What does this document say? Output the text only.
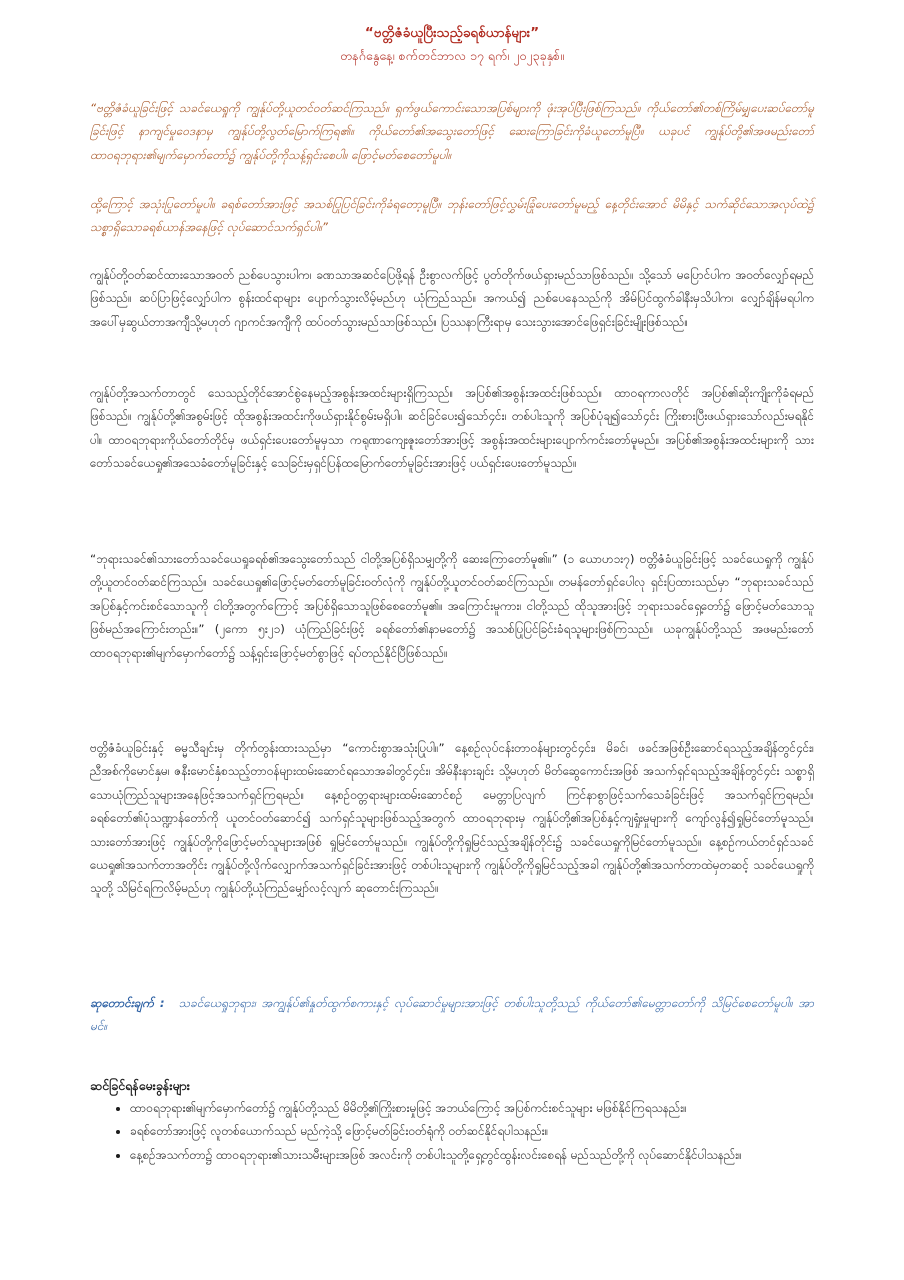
“ဗတ္တိဇံခံယူပြီးသည့်ခရစ်ယာန်များ”
တနင်္ဂနွေနေ့၊ စက်တင်ဘာလ ၁၇ ရက်၊ ၂၀၂၃ခုနှစ်။

“ဗတ္တိဇံခံယူခြင်းဖြင့် သခင်ယေရှုကို ကျွန်ုပ်တို့ယူတင်ဝတ်ဆင်ကြသည်။ ရှက်ဖွယ်ကောင်းသောအပြစ်များကို ဖုံးအုပ်ပြီးဖြစ်ကြသည်။ ကိုယ်တော်၏တစ်ကြိမ်မျှပေးဆပ်တော်မူခြင်းဖြင့် နာကျင်မှုဝေဒနာမှ ကျွန်ုပ်တို့လွတ်မြောက်ကြရ၏။ ကိုယ်တော်၏အသွေးတော်ဖြင့် ဆေးကြောခြင်းကိုခံယူတော်မူပြီ။ ယခုပင် ကျွန်ုပ်တို့၏အဖမည်းတော်ထာဝရဘုရား၏မျက်မှောက်တော်၌ ကျွန်ုပ်တို့ကိုသန့်ရှင်းစေပါ။ ဖြောင့်မတ်စေတော်မူပါ။

ထို့ကြောင့် အသုံးပြုတော်မူပါ။ ခရစ်တော်အားဖြင့် အသစ်ပြုပြင်ခြင်းကိုခံရတော့မူပြီ။ ဘုန်းတော်ဖြင့်လွှမ်းခြုံပေးတော်မူမည့် နေ့တိုင်းအောင် မိမိနှင့် သက်ဆိုင်သောအလုပ်ထဲ၌ သစ္စာရှိသောခရစ်ယာန်အနေဖြင့် လုပ်ဆောင်သက်ရှင်ပါ။”

ကျွန်ုပ်တို့ဝတ်ဆင်ထားသောအဝတ် ညစ်ပေသွားပါက၊ ခဏသာအဆင်ပြေဖို့ရန် ဦးစွာလက်ဖြင့် ပွတ်တိုက်ဖယ်ရှားမည်သာဖြစ်သည်။ သို့သော် မပြောင်ပါက အဝတ်လျှော်ရမည်ဖြစ်သည်။ ဆပ်ပြာဖြင့်လျှော်ပါက စွန်းထင်ရာများ ပျောက်သွားလိမ့်မည်ဟု ယုံကြည်သည်။ အကယ်၍ ညစ်ပေနေသည်ကို အိမ်ပြင်ထွက်ခါနီးမှသိပါက၊ လျှော်ချိန်မရပါက အပေါ်မှဆွယ်တာအကျီသို့မဟုတ် ဂျာကင်အကျီကို ထပ်ဝတ်သွားမည်သာဖြစ်သည်။ ပြဿနာကြီးရာမှ သေးသွားအောင်ဖြေရှင်းခြင်းမျိုးဖြစ်သည်။

ကျွန်ုပ်တို့အသက်တာတွင် သေသည့်တိုင်အောင်စွဲနေမည့်အစွန်းအထင်းများရှိကြသည်။ အပြစ်၏အစွန်းအထင်းဖြစ်သည်။ ထာဝရကာလတိုင် အပြစ်၏ဆိုးကျိုးကိုခံရမည်ဖြစ်သည်။ ကျွန်ုပ်တို့၏အစွမ်းဖြင့် ထိုအစွန်းအထင်းကိုဖယ်ရှားနိုင်စွမ်းမရှိပါ။ ဆင်ခြင်ပေး၍သော်၄င်း၊ တစ်ပါးသူကို အပြစ်ပုံချ၍သော်၄င်း ကြိုးစားပြီးဖယ်ရှားသော်လည်းမရနိုင်ပါ။ ထာဝရဘုရားကိုယ်တော်တိုင်မှ ဖယ်ရှင်းပေးတော်မူမှသာ ကရုဏာကျေးဇူးတော်အားဖြင့် အစွန်းအထင်းများပျောက်ကင်းတော်မူမည်။ အပြစ်၏အစွန်းအထင်းများကို သားတော်သခင်ယေရှု၏အသေခံတော်မူခြင်းနှင့် သေခြင်းမှရှင်ပြန်ထမြောက်တော်မူခြင်းအားဖြင့် ပယ်ရှင်းပေးတော်မူသည်။

“ဘုရားသခင်၏သားတော်သခင်ယေရှုခရစ်၏အသွေးတော်သည် ငါတို့အပြစ်ရှိသမျှတို့ကို ဆေးကြောတော်မူ၏။” (၁ ယောဟ၁း၇) ဗတ္တိဇံခံယူခြင်းဖြင့် သခင်ယေရှုကို ကျွန်ုပ်တို့ယူတင်ဝတ်ဆင်ကြသည်။ သခင်ယေရှု၏ဖြောင့်မတ်တော်မူခြင်းဝတ်လုံကို ကျွန်ုပ်တို့ယူတင်ဝတ်ဆင်ကြသည်။ တမန်တော်ရှင်ပေါလု ရှင်းပြထားသည်မှာ “ဘုရားသခင်သည်အပြစ်နှင့်ကင်းစင်သောသူကို ငါတို့အတွက်ကြောင့် အပြစ်ရှိသောသူဖြစ်စေတော်မူ၏။ အကြောင်းမူကား၊ ငါတို့သည် ထိုသူအားဖြင့် ဘုရားသခင်ရှေ့တော်၌ ဖြောင့်မတ်သောသူဖြစ်မည်အကြောင်းတည်း။” (၂ကော ၅း၂၁) ယုံကြည်ခြင်းဖြင့် ခရစ်တော်၏နာမတော်၌ အသစ်ပြုပြင်ခြင်းခံရသူများဖြစ်ကြသည်။ ယခုကျွန်ုပ်တို့သည် အဖမည်းတော်ထာဝရဘုရား၏မျက်မှောက်တော်၌ သန့်ရှင်းဖြောင့်မတ်စွာဖြင့် ရပ်တည်နိုင်ပြီဖြစ်သည်။

ဗတ္တိဇံခံယူခြင်းနှင့် ဓမ္မသီချင်းမှ တိုက်တွန်းထားသည်မှာ “ကောင်းစွာအသုံးပြုပါ။” နေ့စဉ်လုပ်ငန်းတာဝန်များတွင်၄င်း၊ မိခင်၊ ဖခင်အဖြစ်ဦးဆောင်ရသည့်အချိန်တွင်၄င်း၊ ညီအစ်ကိုမောင်နှမ၊ ဇနီးမောင်နှံစသည့်တာဝန်များထမ်းဆောင်ရသောအခါတွင်၄င်း၊ အိမ်နီးနားချင်း သို့မဟုတ် မိတ်ဆွေကောင်းအဖြစ် အသက်ရှင်ရသည့်အချိန်တွင်၄င်း သစ္စာရှိသောယုံကြည်သူများအနေဖြင့်အသက်ရှင်ကြရမည်။ နေ့စဉ်ဝတ္တရားများထမ်းဆောင်စဉ် မေတ္တာပြလျက် ကြင်နာစွာဖြင့်သက်သေခံခြင်းဖြင့် အသက်ရှင်ကြရမည်။ ခရစ်တော်၏ပုံသဏ္ဍာန်တော်ကို ယူတင်ဝတ်ဆောင်၍ သက်ရှင်သူများဖြစ်သည့်အတွက် ထာဝရဘုရားမှ ကျွန်ုပ်တို့၏အပြစ်နှင့်ကျရှုံးမှုများကို ကျော်လွန်၍ရှုမြင်တော်မူသည်။ သားတော်အားဖြင့် ကျွန်ုပ်တို့ကိုဖြောင့်မတ်သူများအဖြစ် ရှုမြင်တော်မူသည်။ ကျွန်ုပ်တို့ကိုရှုမြင်သည့်အချိန်တိုင်း၌ သခင်ယေရှုကိုမြင်တော်မူသည်။ နေ့စဉ်ကယ်တင်ရှင်သခင်ယေရှု၏အသက်တာအတိုင်း ကျွန်ုပ်တို့လိုက်လျှောက်အသက်ရှင်ခြင်းအားဖြင့် တစ်ပါးသူများကို ကျွန်ုပ်တို့ကိုရှုမြင်သည့်အခါ ကျွန်ုပ်တို့၏အသက်တာထဲမှတဆင့် သခင်ယေရှုကို သူတို့ သိမြင်ရကြလိမ့်မည်ဟု ကျွန်ုပ်တို့ယုံကြည်မျှော်လင့်လျက် ဆုတောင်းကြသည်။

ဆုတောင်းချက် : သခင်ယေရှုဘုရား၊ အကျွန်ုပ်၏နှုတ်ထွက်စကားနှင့် လုပ်ဆောင်မှုများအားဖြင့် တစ်ပါးသူတို့သည် ကိုယ်တော်၏မေတ္တာတော်ကို သိမြင်စေတော်မူပါ။ အာမင်။

ဆင်ခြင်ရန်မေးခွန်းများ
• ထာဝရဘုရား၏မျက်မှောက်တော်၌ ကျွန်ုပ်တို့သည် မိမိတို့၏ကြိုးစားမှုဖြင့် အဘယ်ကြောင့် အပြစ်ကင်းစင်သူများ မဖြစ်နိုင်ကြရသနည်း။
• ခရစ်တော်အားဖြင့် လူတစ်ယောက်သည် မည်ကဲ့သို့ ဖြောင့်မတ်ခြင်းဝတ်ရုံကို ဝတ်ဆင်နိုင်ရပါသနည်း။
• နေ့စဉ်အသက်တာ၌ ထာဝရဘုရား၏သားသမီးများအဖြစ် အလင်းကို တစ်ပါးသူတို့ရှေ့တွင်ထွန်းလင်းစေရန် မည်သည်တို့ကို လုပ်ဆောင်နိုင်ပါသနည်း။
